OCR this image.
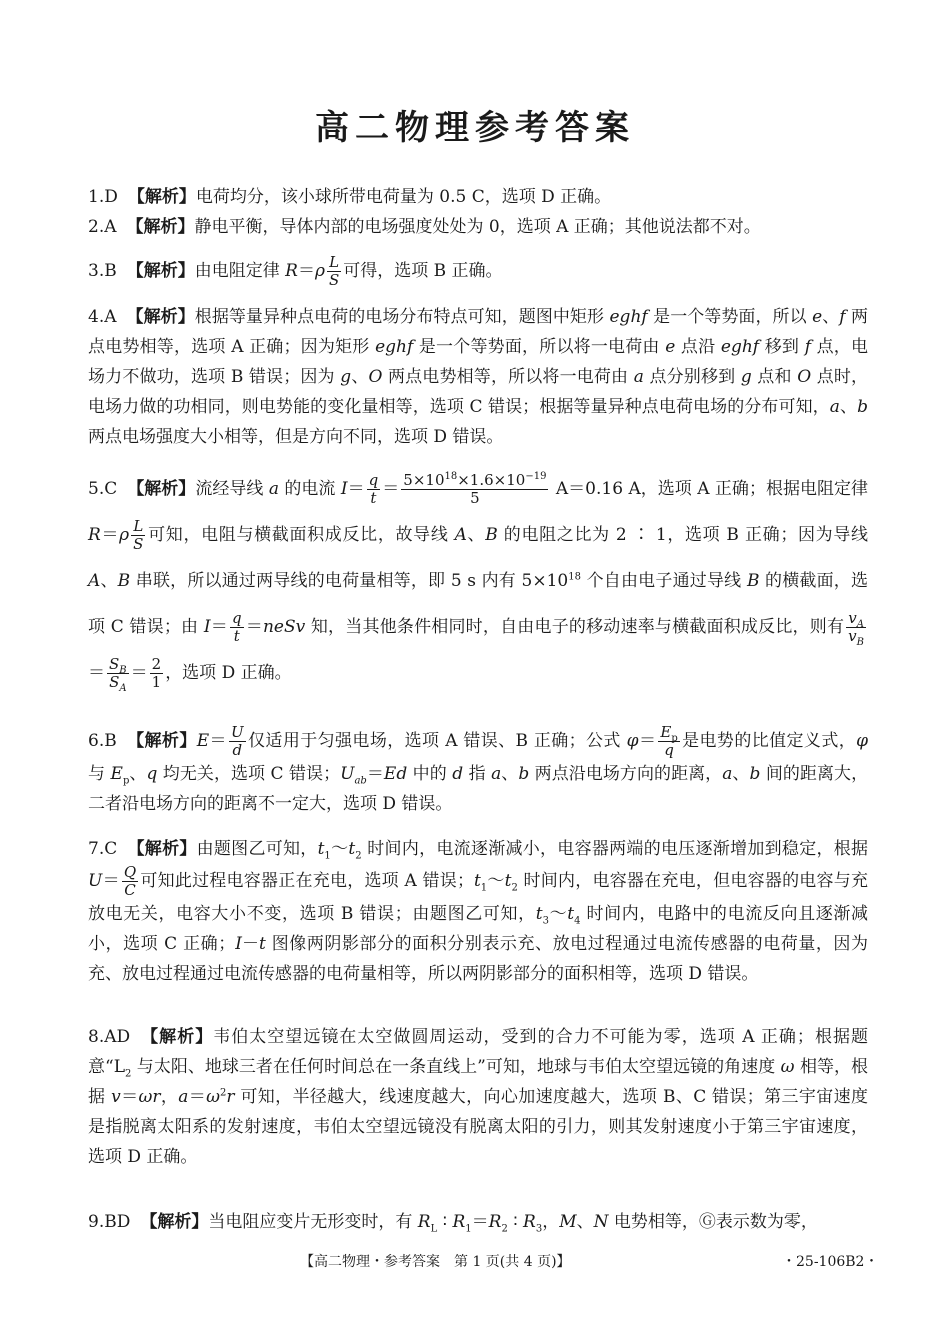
高二物理参考答案
1.D 【解析】电荷均分，该小球所带电荷量为 0.5 C，选项 D 正确。
2.A 【解析】静电平衡，导体内部的电场强度处处为 0，选项 A 正确；其他说法都不对。
3.B 【解析】由电阻定律 $R=\rho \frac{L}{S}$ 可得，选项 B 正确。
4.A 【解析】根据等量异种点电荷的电场分布特点可知，题图中矩形 eghf 是一个等势面，所以 e、f 两点电势相等，选项 A 正确；因为矩形 eghf 是一个等势面，所以将一电荷由 e 点沿 eghf 移到 f 点，电场力不做功，选项 B 错误；因为 g、O 两点电势相等，所以将一电荷由 a 点分别移到 g 点和 O 点时，电场力做的功相同，则电势能的变化量相等，选项 C 错误；根据等量异种点电荷电场的分布可知，a、b 两点电场强度大小相等，但是方向不同，选项 D 错误。
5.C 【解析】流经导线 a 的电流 $I= \frac{q}{t} = \frac{5\times 10^{18}\times 1.6\times 10^{-19}}{5} A=0.16$ A，选项 A 正确；根据电阻定律 $R=\rho \frac{L}{S}$ 可知，电阻与横截面积成反比，故导线 A、B 的电阻之比为 2 ∶ 1，选项 B 正确；因为导线 A、B 串联，所以通过两导线的电荷量相等，即 5 s 内有 $5\times 10^{18}$ 个自由电子通过导线 B 的横截面，选项 C 错误；由 $I= \frac{q}{t}$ ＝neSv 知，当其他条件相同时，自由电子的移动速率与横截面积成反比，则有 $\frac{v_A}{v_B}$
＝ $\frac{S_B}{S_A} = \frac{2}{1}$ ，选项 D 正确。
6.B 【解析】$E= \frac{U}{d}$ 仅适用于匀强电场，选项 A 错误、B 正确；公式 $\varphi= \frac{E_p}{q}$ 是电势的比值定义式，φ 与 $E_p$、q 均无关，选项 C 错误；$U_{ab}=Ed$ 中的 d 指 a、b 两点沿电场方向的距离，a、b 间的距离大，二者沿电场方向的距离不一定大，选项 D 错误。
7.C 【解析】由题图乙可知，$t_1\sim t_2$ 时间内，电流逐渐减小，电容器两端的电压逐渐增加到稳定，根据 $U= \frac{Q}{C}$ 可知此过程电容器正在充电，选项 A 错误；$t_1\sim t_2$ 时间内，电容器在充电，但电容器的电容与充放电无关，电容大小不变，选项 B 错误；由题图乙可知，$t_3\sim t_4$ 时间内，电路中的电流反向且逐渐减小，选项 C 正确；I－t 图像两阴影部分的面积分别表示充、放电过程通过电流传感器的电荷量，因为充、放电过程通过电流传感器的电荷量相等，所以两阴影部分的面积相等，选项 D 错误。
8.AD 【解析】韦伯太空望远镜在太空做圆周运动，受到的合力不可能为零，选项 A 正确；根据题意“$L_2$ 与太阳、地球三者在任何时间总在一条直线上”可知，地球与韦伯太空望远镜的角速度 ω 相等，根据 v＝ωr，$a=\omega^2r$ 可知，半径越大，线速度越大，向心加速度越大，选项 B、C 错误；第三宇宙速度是指脱离太阳系的发射速度，韦伯太空望远镜没有脱离太阳的引力，则其发射速度小于第三宇宙速度，选项 D 正确。
9.BD 【解析】当电阻应变片无形变时，有 $R_L$ ∶ $R_1=R_2$ ∶ $R_3$，M、N 电势相等，Ⓖ表示数为零，
【高二物理・参考答案　第 1 页(共 4 页)】	・25-106B2・
